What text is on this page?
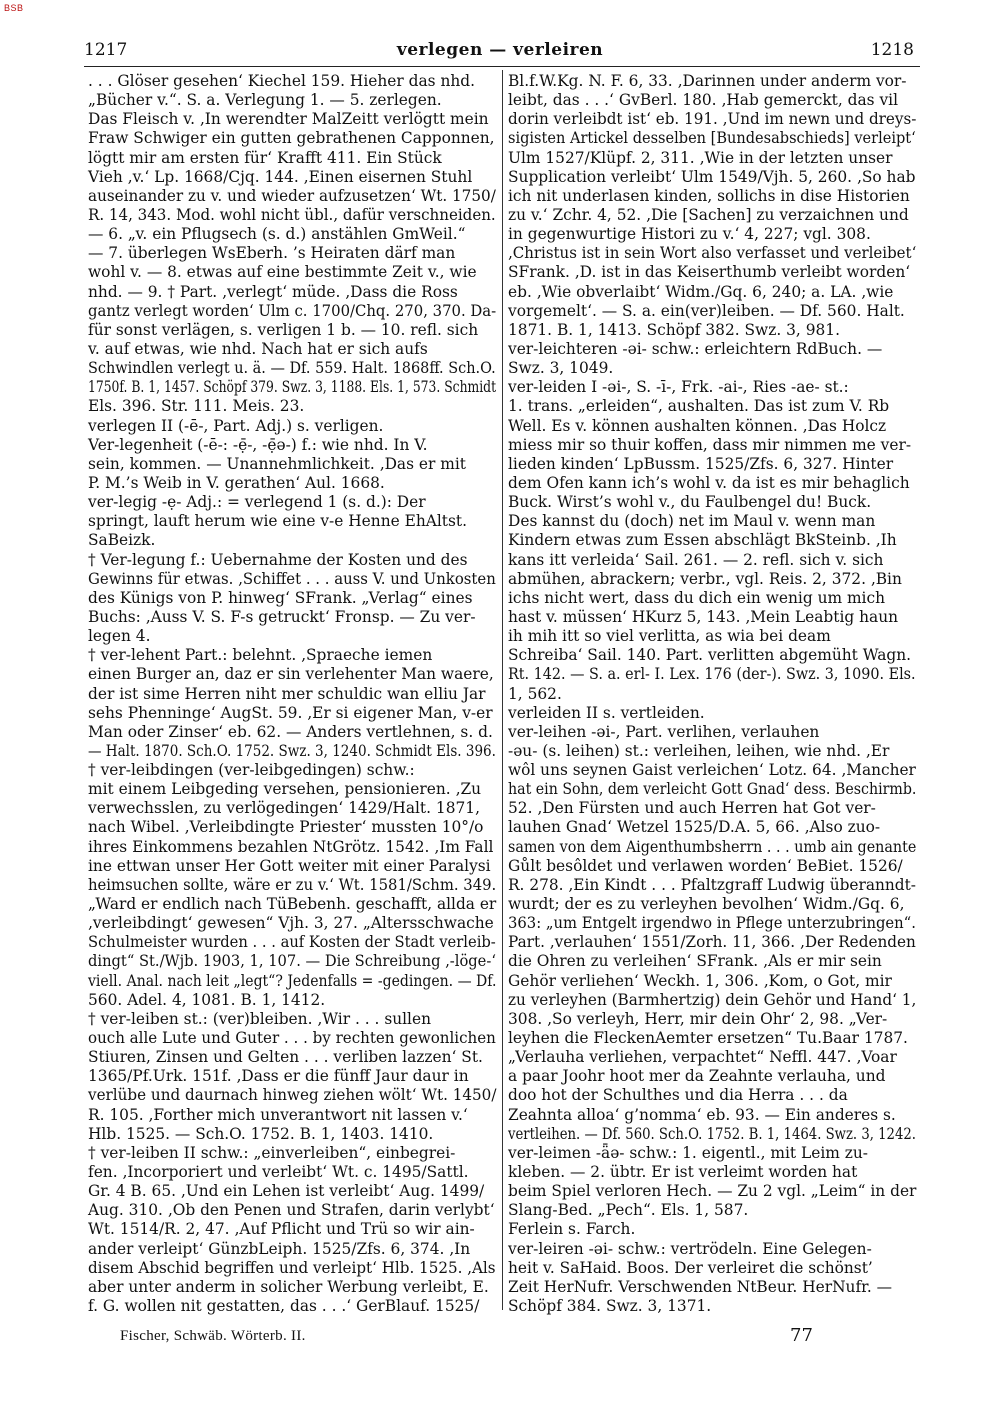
BSB
1217	verlegen — verleiren	1218
. . . Glöser gesehen‘ Kiechel 159. Hieher das nhd.
„Bücher v.“. S. a. Verlegung 1. — 5. zerlegen.
Das Fleisch v. ‚In werendter MalZeitt verlögtt mein
Fraw Schwiger ein gutten gebrathenen Capponnen,
lögtt mir am ersten für‘ Krafft 411. Ein Stück
Vieh ‚v.‘ Lp. 1668/Cjq. 144. ‚Einen eisernen Stuhl
auseinander zu v. und wieder aufzusetzen‘ Wt. 1750/
R. 14, 343. Mod. wohl nicht übl., dafür verschneiden.
— 6. „v. ein Pflugsech (s. d.) anstählen GmWeil.“
— 7. überlegen WsEberh. ’s Heiraten därf man
wohl v. — 8. etwas auf eine bestimmte Zeit v., wie
nhd. — 9. † Part. ‚verlegt‘ müde. ‚Dass die Ross
gantz verlegt worden‘ Ulm c. 1700/Chq. 270, 370. Da-
für sonst verlägen, s. verligen 1 b. — 10. refl. sich
v. auf etwas, wie nhd. Nach hat er sich aufs
Schwindlen verlegt u. ä. — Df. 559. Halt. 1868ff. Sch.O.
1750f. B. 1, 1457. Schöpf 379. Swz. 3, 1188. Els. 1, 573. Schmidt
Els. 396. Str. 111. Meis. 23.
verlegen II (-ē-, Part. Adj.) s. verligen.
Ver-legenheit (-ē-: -ẹ̄-, -ẹ̄ə-) f.: wie nhd. In V.
sein, kommen. — Unannehmlichkeit. ‚Das er mit
P. M.’s Weib in V. gerathen‘ Aul. 1668.
ver-legig -ẹ- Adj.: = verlegend 1 (s. d.): Der
springt, lauft herum wie eine v-e Henne EhAltst.
SaBeizk.
† Ver-legung f.: Uebernahme der Kosten und des
Gewinns für etwas. ‚Schiffet . . . auss V. und Unkosten
des Künigs von P. hinweg‘ SFrank. „Verlag“ eines
Buchs: ‚Auss V. S. F-s getruckt‘ Fronsp. — Zu ver-
legen 4.
† ver-lehent Part.: belehnt. ‚Spraeche iemen
einen Burger an, daz er sin verlehenter Man waere,
der ist sime Herren niht mer schuldic wan elliu Jar
sehs Phenninge‘ AugSt. 59. ‚Er si eigener Man, v-er
Man oder Zinser‘ eb. 62. — Anders vertlehnen, s. d.
— Halt. 1870. Sch.O. 1752. Swz. 3, 1240. Schmidt Els. 396.
† ver-leibdingen (ver-leibgedingen) schw.:
mit einem Leibgeding versehen, pensionieren. ‚Zu
verwechsslen, zu verlögedingen‘ 1429/Halt. 1871,
nach Wibel. ‚Verleibdingte Priester‘ mussten 10°/o
ihres Einkommens bezahlen NtGrötz. 1542. ‚Im Fall
ine ettwan unser Her Gott weiter mit einer Paralysi
heimsuchen sollte, wäre er zu v.‘ Wt. 1581/Schm. 349.
„Ward er endlich nach TüBebenh. geschafft, allda er
‚verleibdingt‘ gewesen“ Vjh. 3, 27. „Altersschwache
Schulmeister wurden . . . auf Kosten der Stadt verleib-
dingt“ St./Wjb. 1903, 1, 107. — Die Schreibung ‚-löge-‘
viell. Anal. nach leit „legt“? Jedenfalls = -gedingen. — Df.
560. Adel. 4, 1081. B. 1, 1412.
† ver-leiben st.: (ver)bleiben. ‚Wir . . . sullen
ouch alle Lute und Guter . . . by rechten gewonlichen
Stiuren, Zinsen und Gelten . . . verliben lazzen‘ St.
1365/Pf.Urk. 151f. ‚Dass er die fünff Jaur daur in
verlübe und daurnach hinweg ziehen wölt‘ Wt. 1450/
R. 105. ‚Forther mich unverantwort nit lassen v.‘
Hlb. 1525. — Sch.O. 1752. B. 1, 1403. 1410.
† ver-leiben II schw.: „einverleiben“, einbegrei-
fen. ‚Incorporiert und verleibt‘ Wt. c. 1495/Sattl.
Gr. 4 B. 65. ‚Und ein Lehen ist verleibt‘ Aug. 1499/
Aug. 310. ‚Ob den Penen und Strafen, darin verlybt‘
Wt. 1514/R. 2, 47. ‚Auf Pflicht und Trü so wir ain-
ander verleipt‘ GünzbLeiph. 1525/Zfs. 6, 374. ‚In
disem Abschid begriffen und verleipt‘ Hlb. 1525. ‚Als
aber unter anderm in solicher Werbung verleibt, E.
f. G. wollen nit gestatten, das . . .‘ GerBlauf. 1525/
Bl.f.W.Kg. N. F. 6, 33. ‚Darinnen under anderm vor-
leibt, das . . .‘ GvBerl. 180. ‚Hab gemerckt, das vil
dorin verleibdt ist‘ eb. 191. ‚Und im newn und dreys-
sigisten Artickel desselben [Bundesabschieds] verleipt‘
Ulm 1527/Klüpf. 2, 311. ‚Wie in der letzten unser
Supplication verleibt‘ Ulm 1549/Vjh. 5, 260. ‚So hab
ich nit underlasen kinden, sollichs in dise Historien
zu v.‘ Zchr. 4, 52. ‚Die [Sachen] zu verzaichnen und
in gegenwurtige Histori zu v.‘ 4, 227; vgl. 308.
‚Christus ist in sein Wort also verfasset und verleibet‘
SFrank. ‚D. ist in das Keiserthumb verleibt worden‘
eb. ‚Wie obverlaibt‘ Widm./Gq. 6, 240; a. LA. ‚wie
vorgemelt‘. — S. a. ein(ver)leiben. — Df. 560. Halt.
1871. B. 1, 1413. Schöpf 382. Swz. 3, 981.
ver-leichteren -əi- schw.: erleichtern RdBuch. —
Swz. 3, 1049.
ver-leiden I -əi-, S. -ī-, Frk. -ai-, Ries -ae- st.:
1. trans. „erleiden“, aushalten. Das ist zum V. Rb
Well. Es v. können aushalten können. ‚Das Holcz
miess mir so thuir koffen, dass mir nimmen me ver-
lieden kinden‘ LpBussm. 1525/Zfs. 6, 327. Hinter
dem Ofen kann ich’s wohl v. da ist es mir behaglich
Buck. Wirst’s wohl v., du Faulbengel du! Buck.
Des kannst du (doch) net im Maul v. wenn man
Kindern etwas zum Essen abschlägt BkSteinb. ‚Ih
kans itt verleida‘ Sail. 261. — 2. refl. sich v. sich
abmühen, abrackern; verbr., vgl. Reis. 2, 372. ‚Bin
ichs nicht wert, dass du dich ein wenig um mich
hast v. müssen‘ HKurz 5, 143. ‚Mein Leabtig haun
ih mih itt so viel verlitta, as wia bei deam
Schreiba‘ Sail. 140. Part. verlitten abgemüht Wagn.
Rt. 142. — S. a. erl- I. Lex. 176 (der-). Swz. 3, 1090. Els.
1, 562.
verleiden II s. vertleiden.
ver-leihen -əi-, Part. verlihen, verlauhen
-əu- (s. leihen) st.: verleihen, leihen, wie nhd. ‚Er
wôl uns seynen Gaist verleichen‘ Lotz. 64. ‚Mancher
hat ein Sohn, dem verleicht Gott Gnad‘ dess. Beschirmb.
52. ‚Den Fürsten und auch Herren hat Got ver-
lauhen Gnad‘ Wetzel 1525/D.A. 5, 66. ‚Also zuo-
samen von dem Aigenthumbsherrn . . . umb ain genante
Gůlt besôldet und verlawen worden‘ BeBiet. 1526/
R. 278. ‚Ein Kindt . . . Pfaltzgraff Ludwig überanndt-
wurdt; der es zu verleyhen bevolhen‘ Widm./Gq. 6,
363: „um Entgelt irgendwo in Pflege unterzubringen“.
Part. ‚verlauhen‘ 1551/Zorh. 11, 366. ‚Der Redenden
die Ohren zu verleihen‘ SFrank. ‚Als er mir sein
Gehör verliehen‘ Weckh. 1, 306. ‚Kom, o Got, mir
zu verleyhen (Barmhertzig) dein Gehör und Hand‘ 1,
308. ‚So verleyh, Herr, mir dein Ohr‘ 2, 98. „Ver-
leyhen die FleckenAemter ersetzen“ Tu.Baar 1787.
„Verlauha verliehen, verpachtet“ Neffl. 447. ‚Voar
a paar Joohr hoot mer da Zeahnte verlauha, und
doo hot der Schulthes und dia Herra . . . da
Zeahnta alloa‘ g’nomma‘ eb. 93. — Ein anderes s.
vertleihen. — Df. 560. Sch.O. 1752. B. 1, 1464. Swz. 3, 1242.
ver-leimen -ǟə- schw.: 1. eigentl., mit Leim zu-
kleben. — 2. übtr. Er ist verleimt worden hat
beim Spiel verloren Hech. — Zu 2 vgl. „Leim“ in der
Slang-Bed. „Pech“. Els. 1, 587.
Ferlein s. Farch.
ver-leiren -əi- schw.: vertrödeln. Eine Gelegen-
heit v. SaHaid. Boos. Der verleiret die schönst’
Zeit HerNufr. Verschwenden NtBeur. HerNufr. —
Schöpf 384. Swz. 3, 1371.
Fischer, Schwäb. Wörterb. II.	77
